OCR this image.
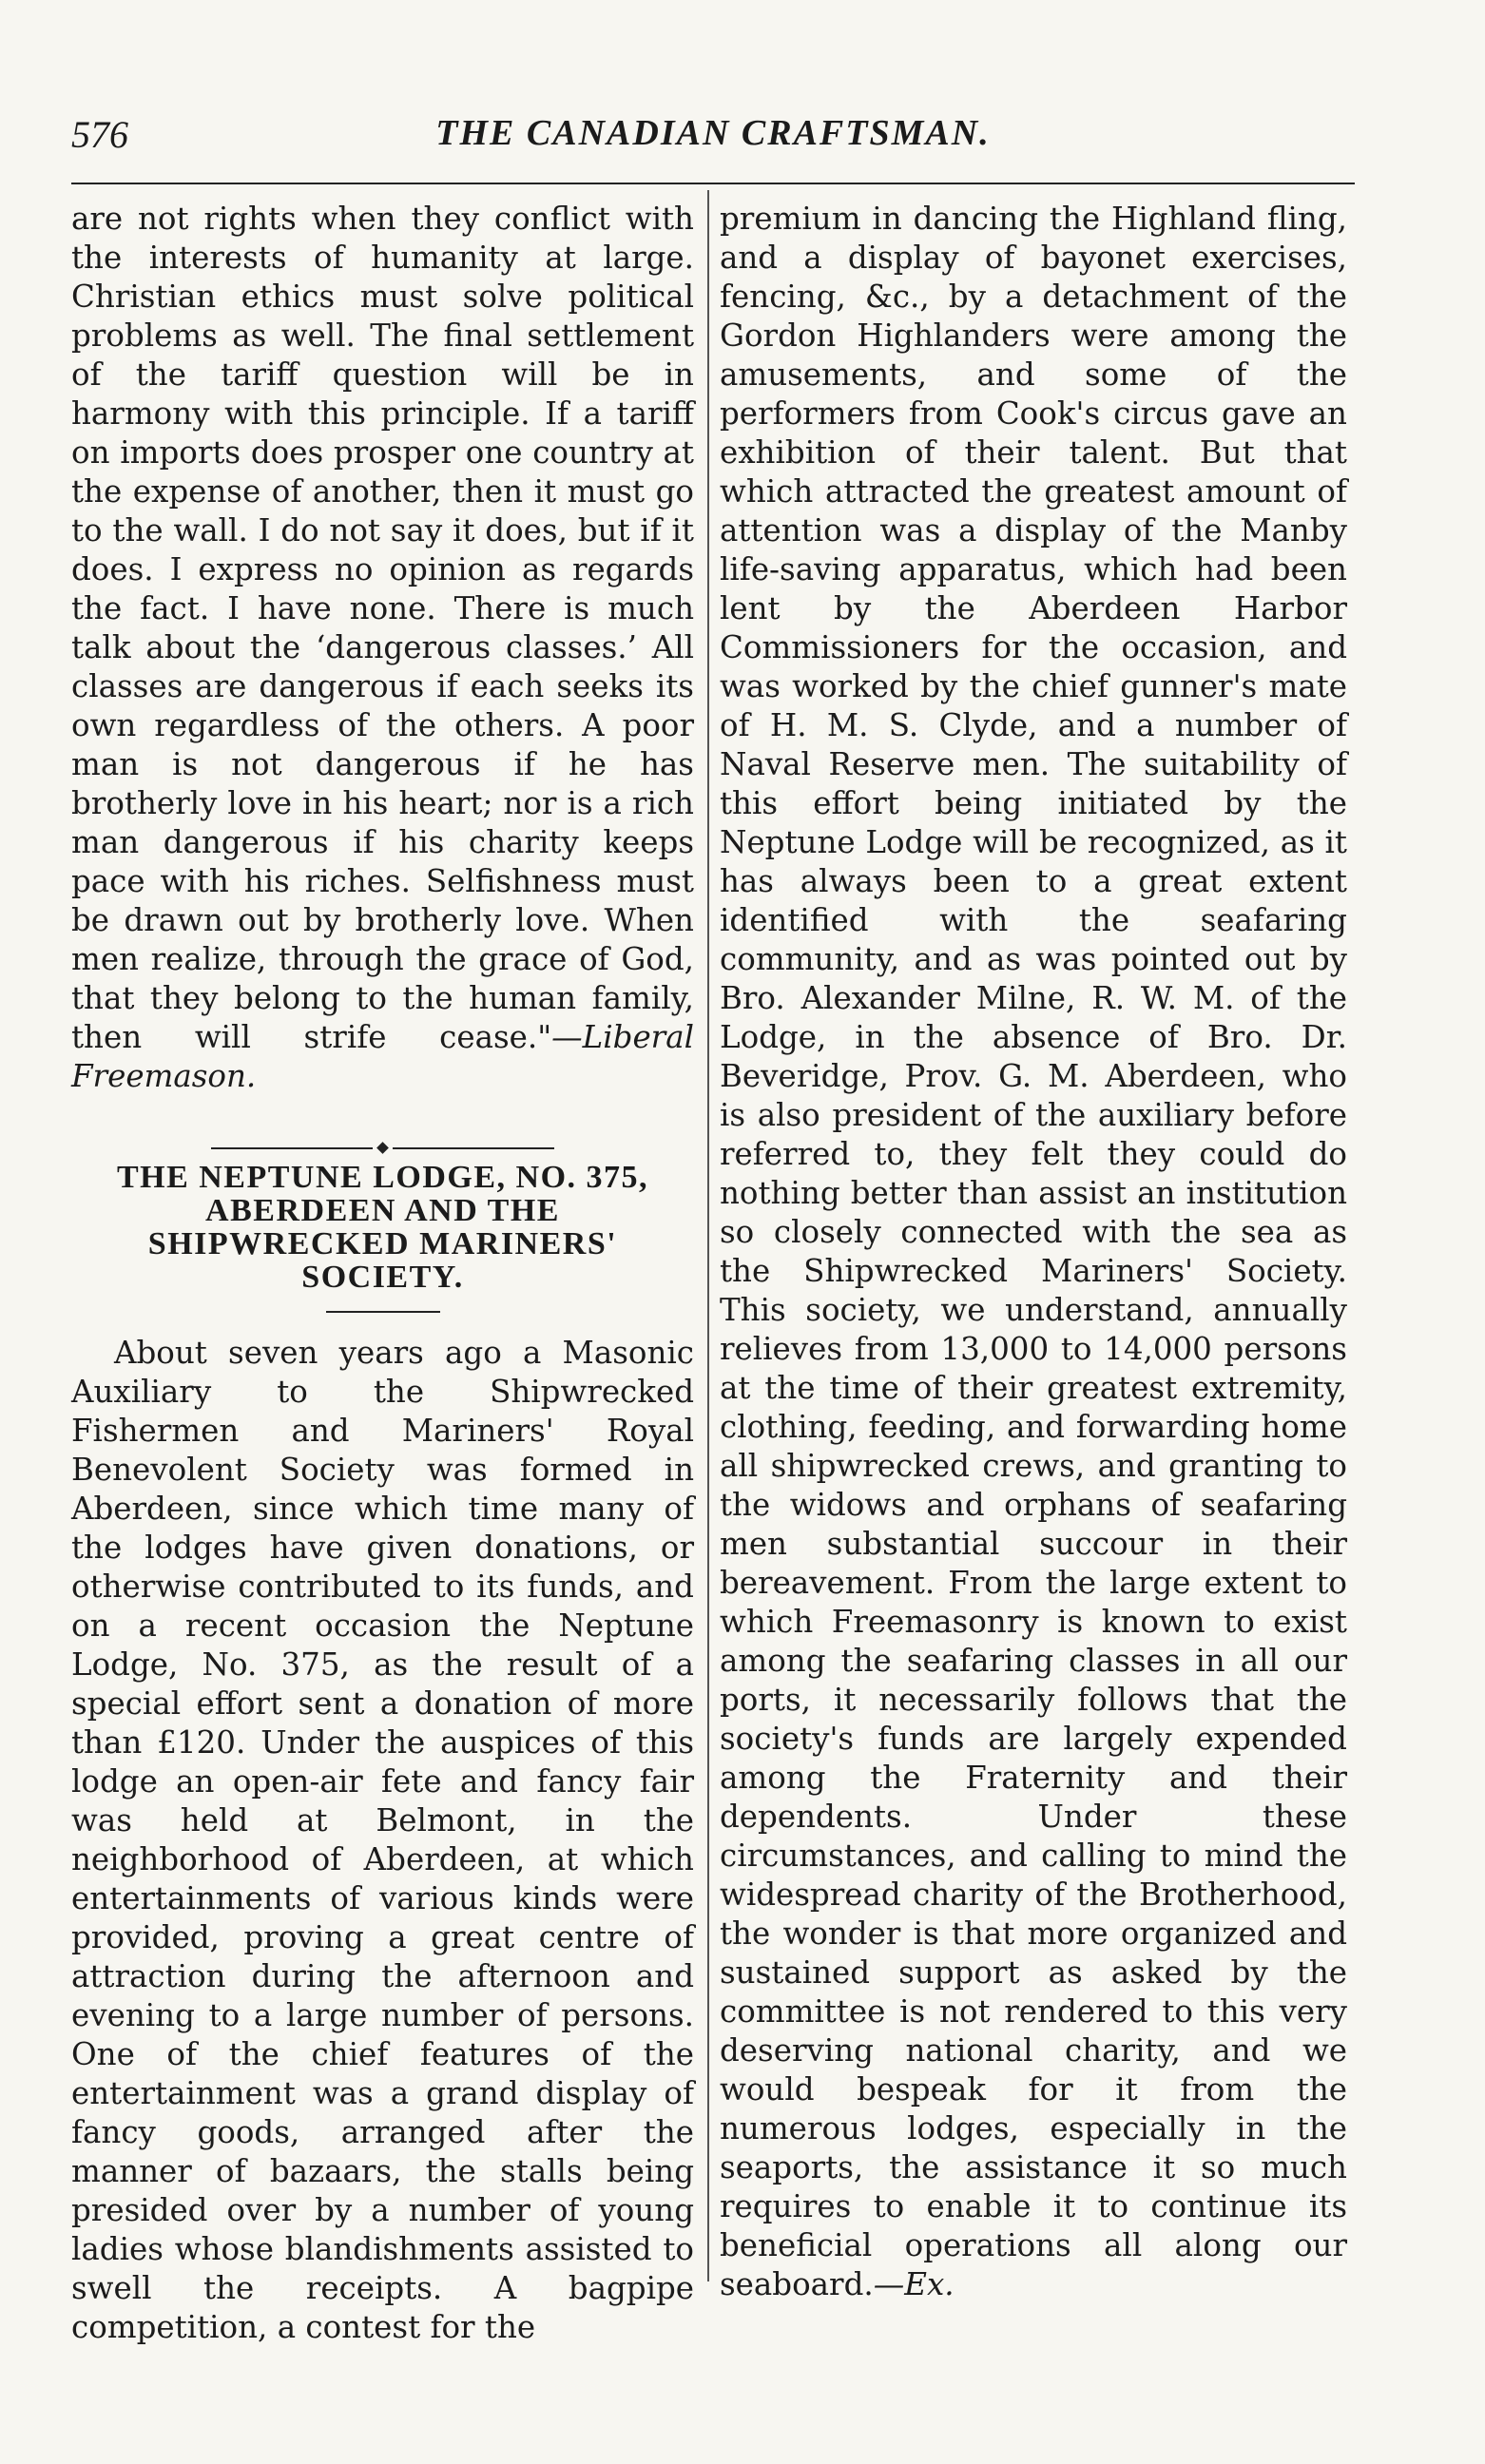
576	THE CANADIAN CRAFTSMAN.

are not rights when they conflict with the interests of humanity at large. Christian ethics must solve political problems as well. The final settlement of the tariff question will be in harmony with this principle. If a tariff on imports does prosper one country at the expense of another, then it must go to the wall. I do not say it does, but if it does. I express no opinion as regards the fact. I have none. There is much talk about the ‘dangerous classes.’ All classes are dangerous if each seeks its own regardless of the others. A poor man is not dangerous if he has brotherly love in his heart; nor is a rich man dangerous if his charity keeps pace with his riches. Selfishness must be drawn out by brotherly love. When men realize, through the grace of God, that they belong to the human family, then will strife cease."—Liberal Freemason.

THE NEPTUNE LODGE, NO. 375, ABERDEEN AND THE SHIPWRECKED MARINERS' SOCIETY.

About seven years ago a Masonic Auxiliary to the Shipwrecked Fishermen and Mariners' Royal Benevolent Society was formed in Aberdeen, since which time many of the lodges have given donations, or otherwise contributed to its funds, and on a recent occasion the Neptune Lodge, No. 375, as the result of a special effort sent a donation of more than £120. Under the auspices of this lodge an open-air fete and fancy fair was held at Belmont, in the neighborhood of Aberdeen, at which entertainments of various kinds were provided, proving a great centre of attraction during the afternoon and evening to a large number of persons. One of the chief features of the entertainment was a grand display of fancy goods, arranged after the manner of bazaars, the stalls being presided over by a number of young ladies whose blandishments assisted to swell the receipts. A bagpipe competition, a contest for the

premium in dancing the Highland fling, and a display of bayonet exercises, fencing, &c., by a detachment of the Gordon Highlanders were among the amusements, and some of the performers from Cook's circus gave an exhibition of their talent. But that which attracted the greatest amount of attention was a display of the Manby life-saving apparatus, which had been lent by the Aberdeen Harbor Commissioners for the occasion, and was worked by the chief gunner's mate of H. M. S. Clyde, and a number of Naval Reserve men. The suitability of this effort being initiated by the Neptune Lodge will be recognized, as it has always been to a great extent identified with the seafaring community, and as was pointed out by Bro. Alexander Milne, R. W. M. of the Lodge, in the absence of Bro. Dr. Beveridge, Prov. G. M. Aberdeen, who is also president of the auxiliary before referred to, they felt they could do nothing better than assist an institution so closely connected with the sea as the Shipwrecked Mariners' Society. This society, we understand, annually relieves from 13,000 to 14,000 persons at the time of their greatest extremity, clothing, feeding, and forwarding home all shipwrecked crews, and granting to the widows and orphans of seafaring men substantial succour in their bereavement. From the large extent to which Freemasonry is known to exist among the seafaring classes in all our ports, it necessarily follows that the society's funds are largely expended among the Fraternity and their dependents. Under these circumstances, and calling to mind the widespread charity of the Brotherhood, the wonder is that more organized and sustained support as asked by the committee is not rendered to this very deserving national charity, and we would bespeak for it from the numerous lodges, especially in the seaports, the assistance it so much requires to enable it to continue its beneficial operations all along our seaboard.—Ex.
